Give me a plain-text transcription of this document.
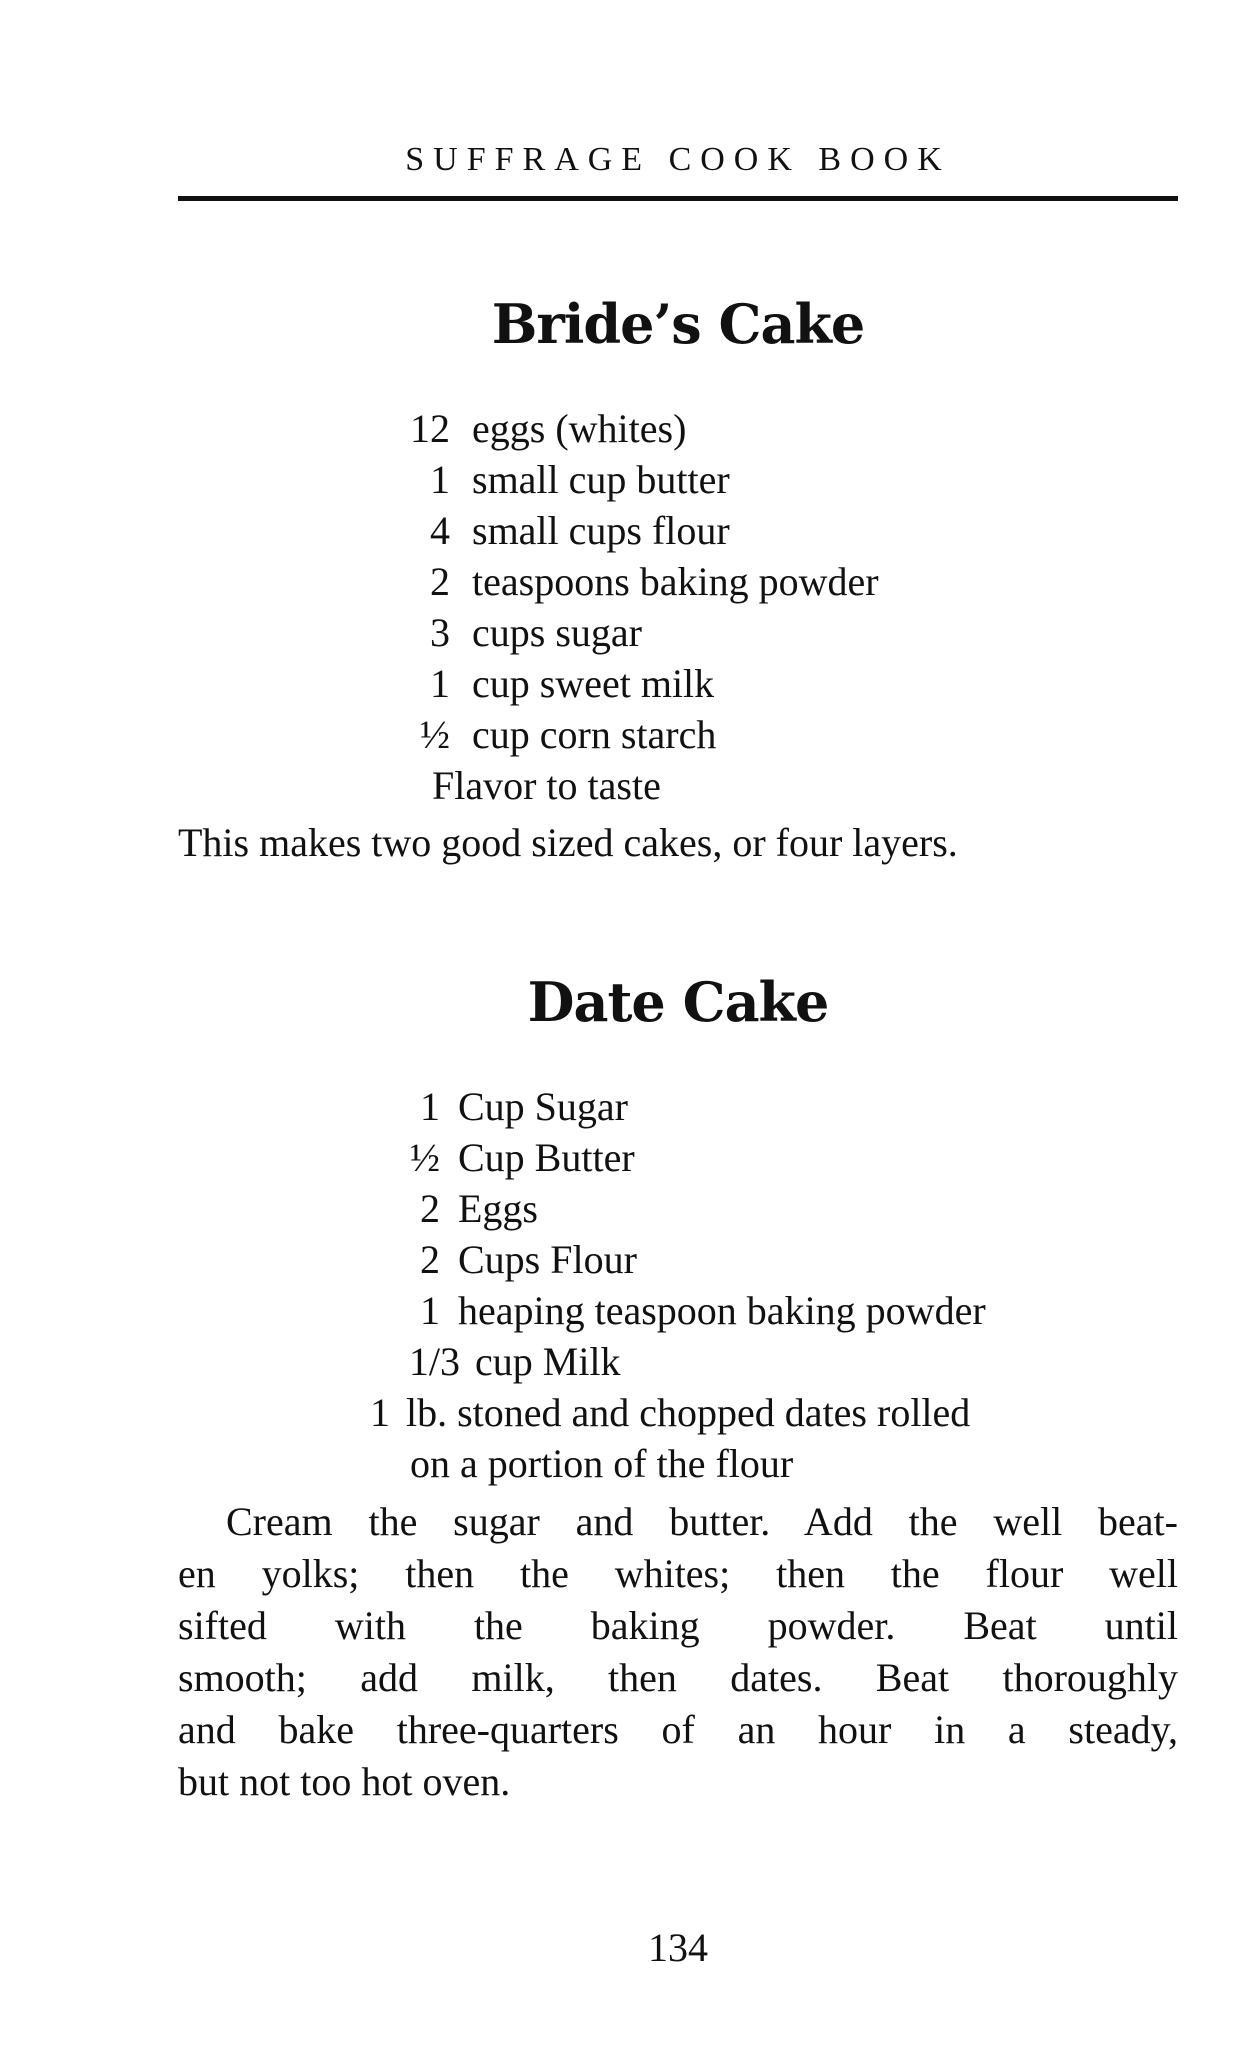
SUFFRAGE COOK BOOK
Bride’s Cake
12 eggs (whites)
1 small cup butter
4 small cups flour
2 teaspoons baking powder
3 cups sugar
1 cup sweet milk
½ cup corn starch
Flavor to taste
This makes two good sized cakes, or four layers.
Date Cake
1 Cup Sugar
½ Cup Butter
2 Eggs
2 Cups Flour
1 heaping teaspoon baking powder
1/3 cup Milk
1 lb. stoned and chopped dates rolled
on a portion of the flour
Cream the sugar and butter. Add the well beat-
en yolks; then the whites; then the flour well
sifted with the baking powder. Beat until
smooth; add milk, then dates. Beat thoroughly
and bake three-quarters of an hour in a steady,
but not too hot oven.
134
